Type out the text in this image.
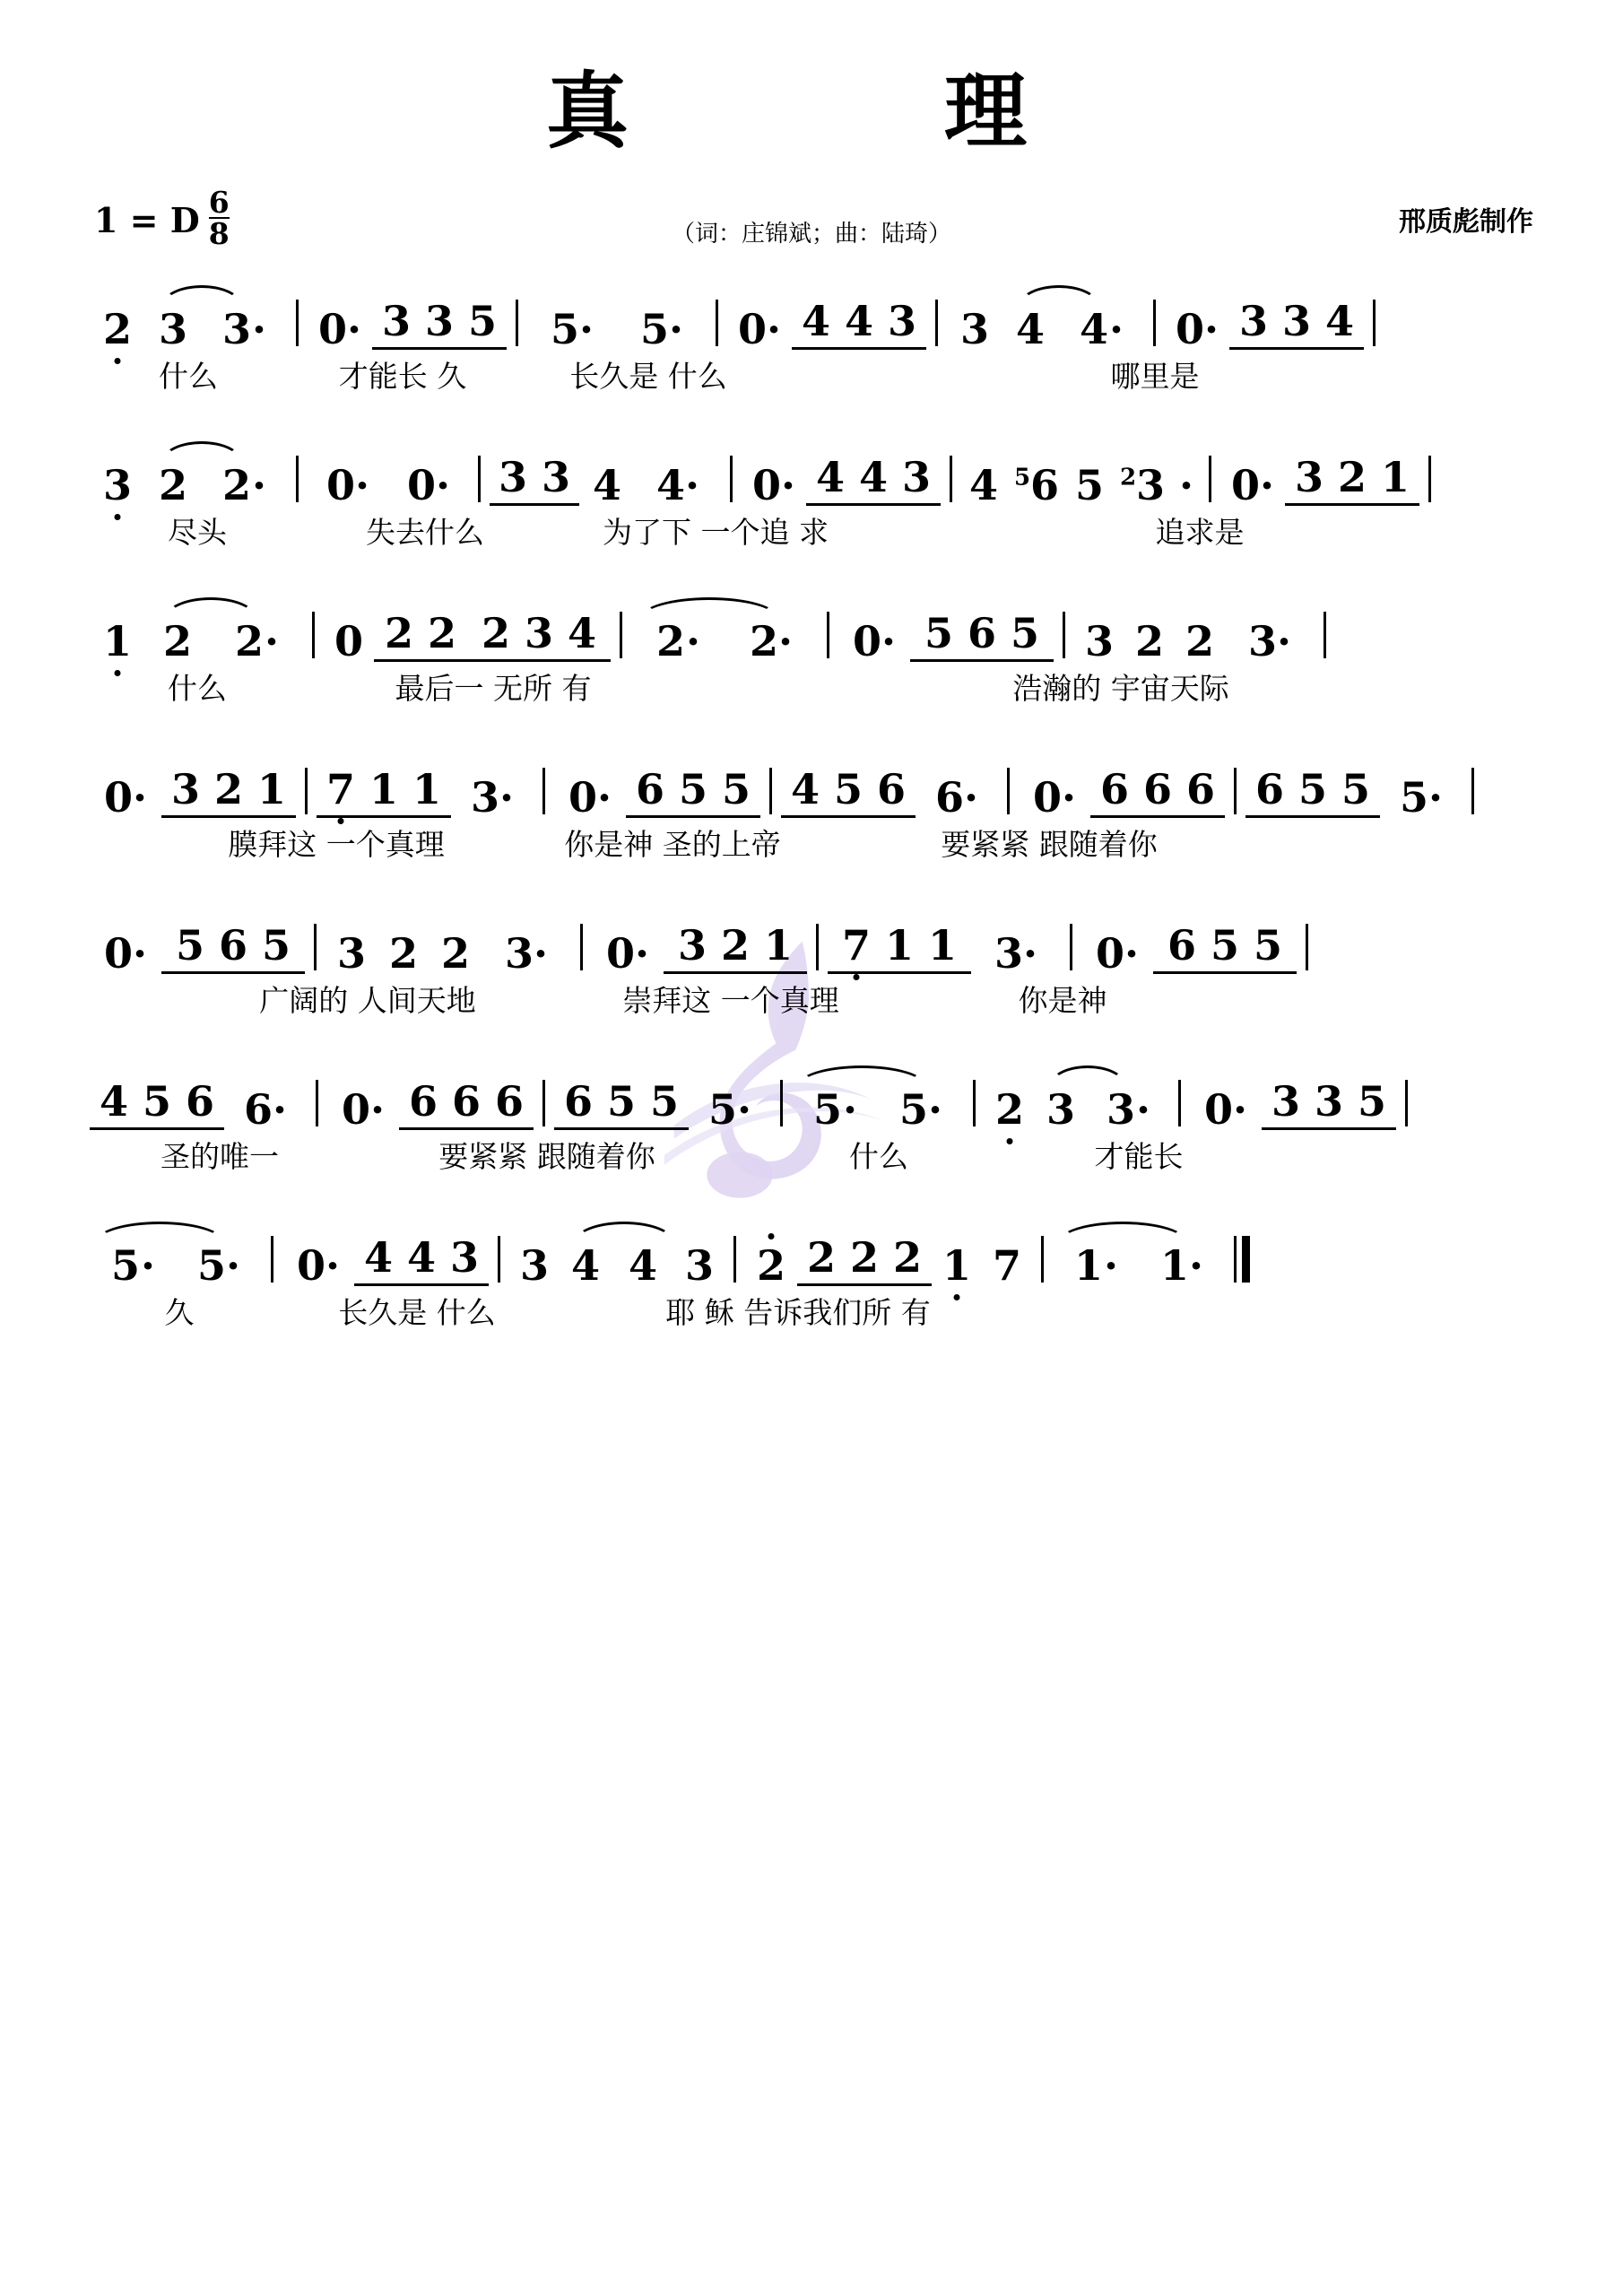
真　　理
1 = D $\frac{6}{8}$	（词：庄锦斌；曲：陆琦）	邢质彪制作
2 3 3·	0· 3 3 5	5·	5·	0· 4 4 3	3 4 4·	0· 3 3 4
什么	才能长 久	长久是 什么	哪里是
3 2 2·	0· 0·	3 3 4 4·	0· 4 4 3 4 $^5$6 5 $^2$3 · 0· 3 2 1
尽头	失去什么	为了下 一个追 求	追求是
1 2	2·	0 2 2 2 3 4	2·	2·	0· 5 6 5	3 2 2 3·
什么	最后一 无所 有	浩瀚的 宇宙天际
0· 3 2 1 7 1 1 3·	0· 6 5 5 4 5 6 6·	0· 6 6 6 6 5 5 5·
膜拜这 一个真理	你是神 圣的上帝	要紧紧 跟随着你
0· 5 6 5	3 2 2 3·	0· 3 2 1	7 1 1 3·	0· 6 5 5
广阔的 人间天地	崇拜这 一个真理	你是神
4 5 6 6·	0· 6 6 6 6 5 5 5·	5·	5·	2 3 3·	0· 3 3 5
圣的唯一	要紧紧 跟随着你	什么	才能长
5·	5·	0· 4 4 3 3 4 4 3 2 2 2 2 1 7	1·	1·
久	长久是 什么	耶 稣 告诉我们所 有
